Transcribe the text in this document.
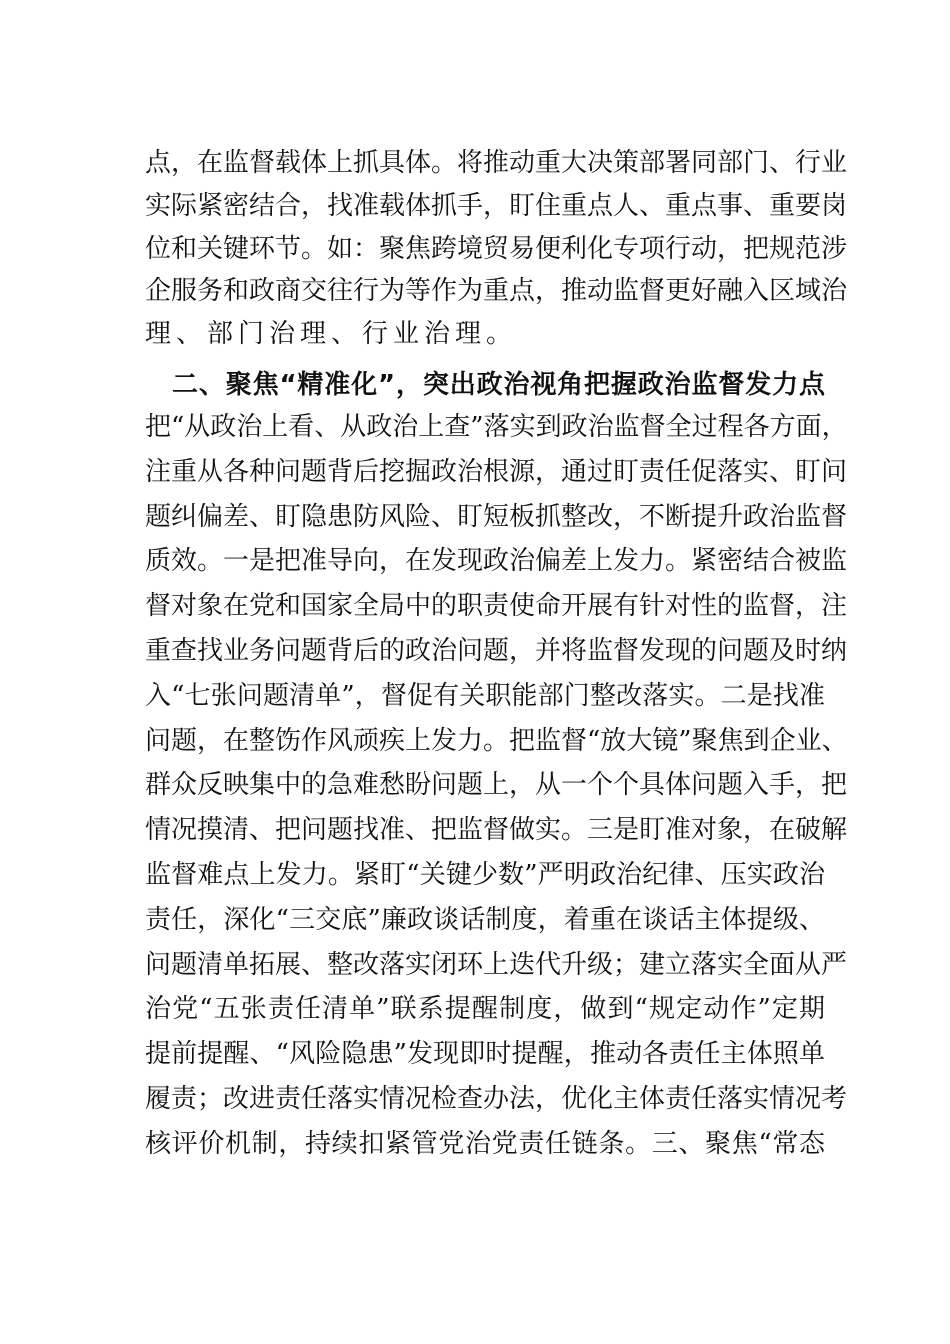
点，在监督载体上抓具体。将推动重大决策部署同部门、行业
实际紧密结合，找准载体抓手，盯住重点人、重点事、重要岗
位和关键环节。如：聚焦跨境贸易便利化专项行动，把规范涉
企服务和政商交往行为等作为重点，推动监督更好融入区域治
理、部门治理、行业治理。
二、聚焦“精准化”，突出政治视角把握政治监督发力点
把“从政治上看、从政治上查”落实到政治监督全过程各方面，
注重从各种问题背后挖掘政治根源，通过盯责任促落实、盯问
题纠偏差、盯隐患防风险、盯短板抓整改，不断提升政治监督
质效。一是把准导向，在发现政治偏差上发力。紧密结合被监
督对象在党和国家全局中的职责使命开展有针对性的监督，注
重查找业务问题背后的政治问题，并将监督发现的问题及时纳
入“七张问题清单”，督促有关职能部门整改落实。二是找准
问题，在整饬作风顽疾上发力。把监督“放大镜”聚焦到企业、
群众反映集中的急难愁盼问题上，从一个个具体问题入手，把
情况摸清、把问题找准、把监督做实。三是盯准对象，在破解
监督难点上发力。紧盯“关键少数”严明政治纪律、压实政治
责任，深化“三交底”廉政谈话制度，着重在谈话主体提级、
问题清单拓展、整改落实闭环上迭代升级；建立落实全面从严
治党“五张责任清单”联系提醒制度，做到“规定动作”定期
提前提醒、“风险隐患”发现即时提醒，推动各责任主体照单
履责；改进责任落实情况检查办法，优化主体责任落实情况考
核评价机制，持续扣紧管党治党责任链条。三、聚焦“常态
